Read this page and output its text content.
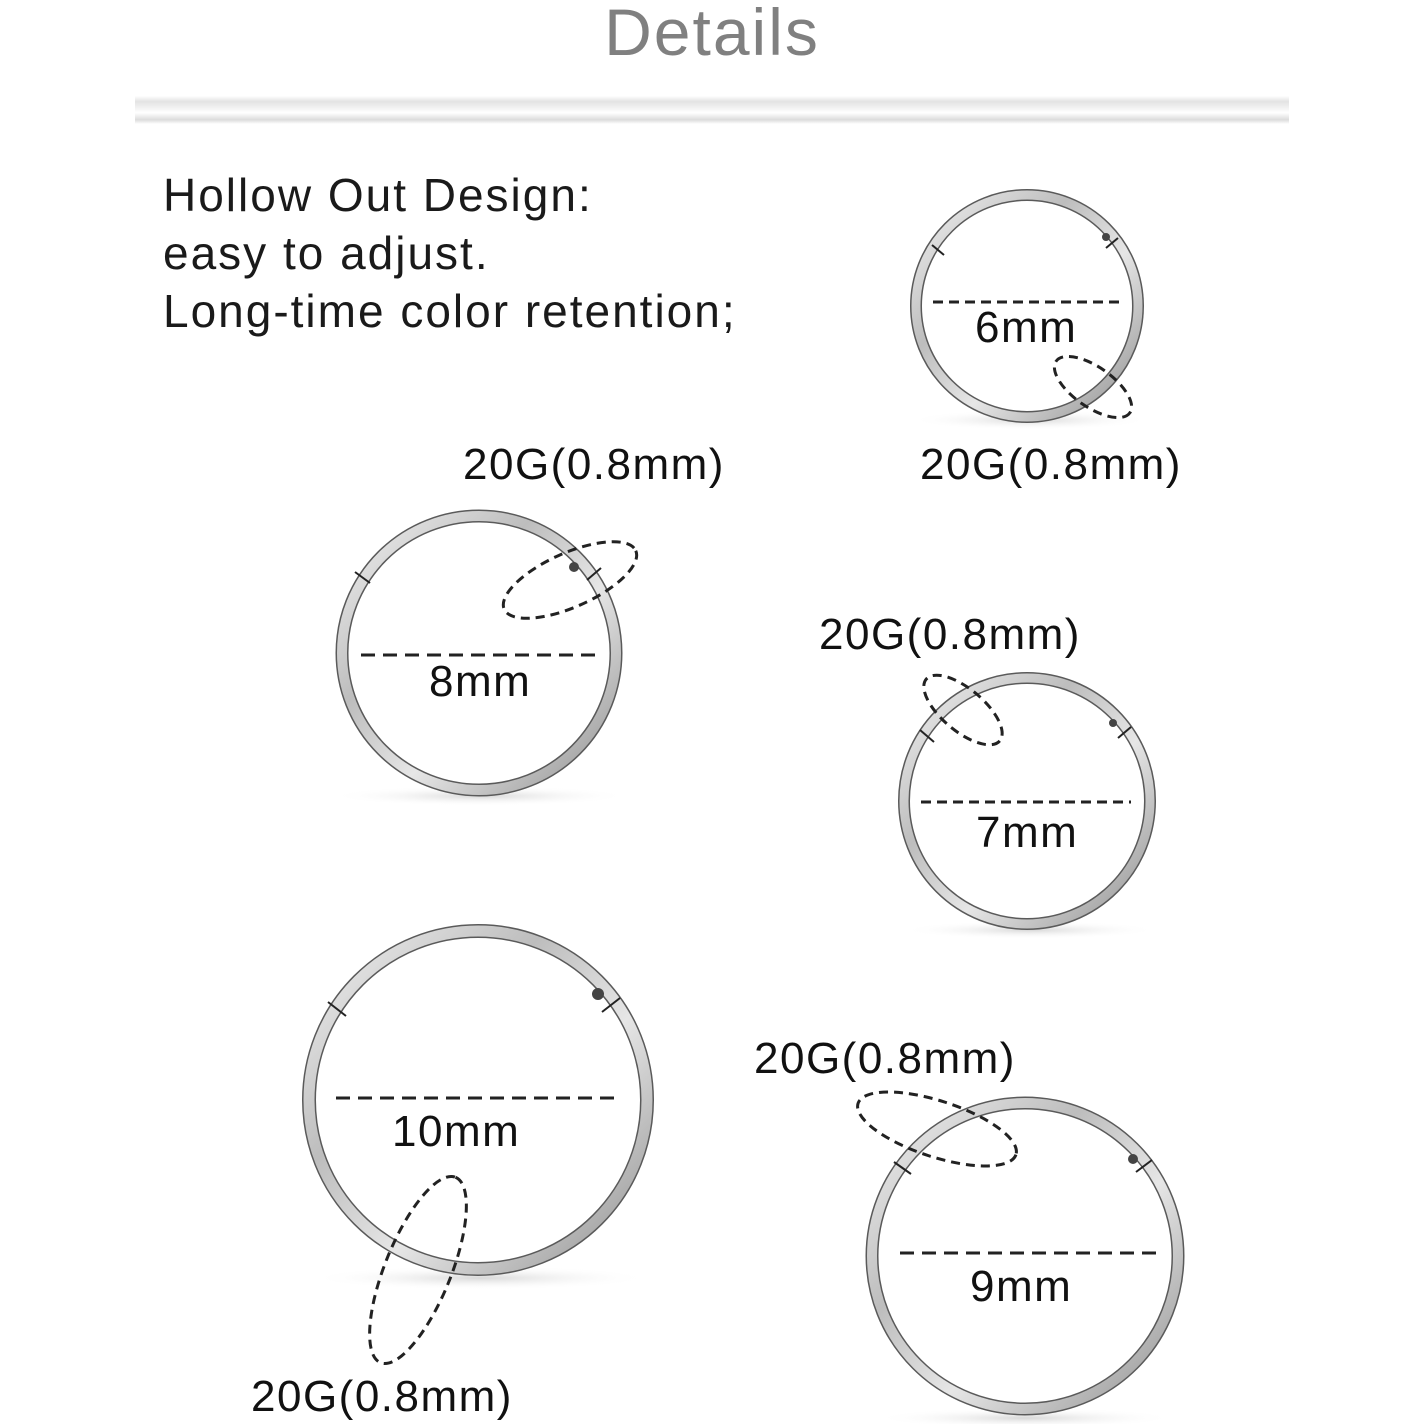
Details
Hollow Out Design:
easy to adjust.
Long-time color retention;	6mm
8mm
7mm
10mm
9mm
20G(0.8mm)
20G(0.8mm)
20G(0.8mm)
20G(0.8mm)
20G(0.8mm)
